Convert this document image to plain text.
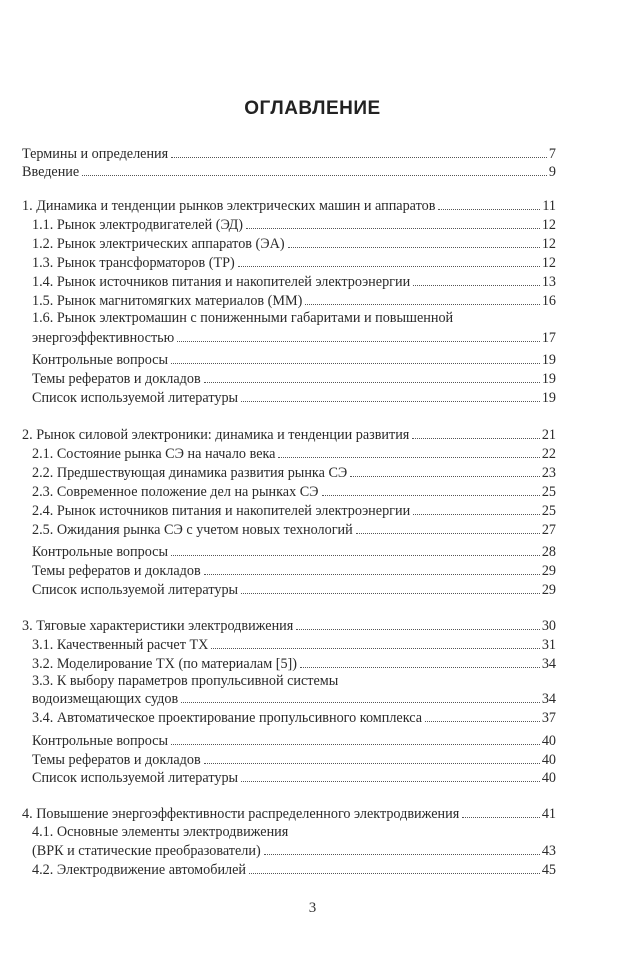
ОГЛАВЛЕНИЕ
Термины и определения	7
Введение	9
1. Динамика и тенденции рынков электрических машин и аппаратов	11
1.1. Рынок электродвигателей (ЭД)	12
1.2. Рынок электрических аппаратов (ЭА)	12
1.3. Рынок трансформаторов (ТР)	12
1.4. Рынок источников питания и накопителей электроэнергии	13
1.5. Рынок магнитомягких материалов (ММ)	16
1.6. Рынок электромашин с пониженными габаритами и повышенной
энергоэффективностью	17
Контрольные вопросы	19
Темы рефератов и докладов	19
Список используемой литературы	19
2. Рынок силовой электроники: динамика и тенденции развития	21
2.1. Состояние рынка СЭ на начало века	22
2.2. Предшествующая динамика развития рынка СЭ	23
2.3. Современное положение дел на рынках СЭ	25
2.4. Рынок источников питания и накопителей электроэнергии	25
2.5. Ожидания рынка СЭ с учетом новых технологий	27
Контрольные вопросы	28
Темы рефератов и докладов	29
Список используемой литературы	29
3. Тяговые характеристики электродвижения	30
3.1. Качественный расчет ТХ	31
3.2. Моделирование ТХ (по материалам [5])	34
3.3. К выбору параметров пропульсивной системы
водоизмещающих судов	34
3.4. Автоматическое проектирование пропульсивного комплекса	37
Контрольные вопросы	40
Темы рефератов и докладов	40
Список используемой литературы	40
4. Повышение энергоэффективности распределенного электродвижения	41
4.1. Основные элементы электродвижения
(ВРК и статические преобразователи)	43
4.2. Электродвижение автомобилей	45
3
